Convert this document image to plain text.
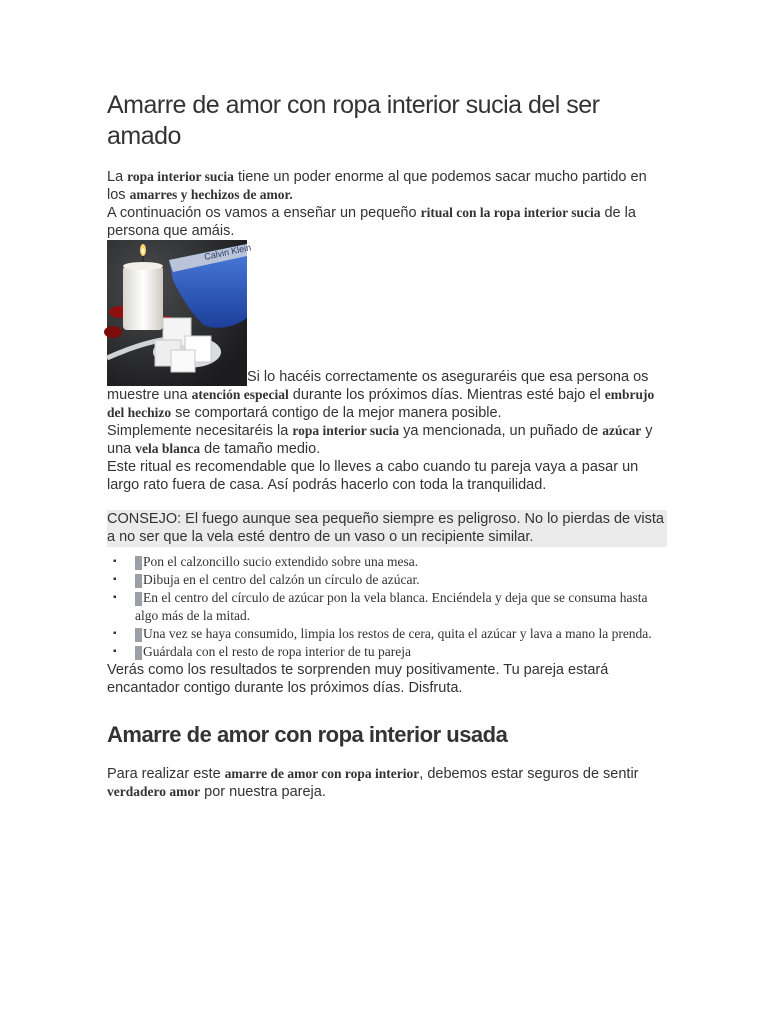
Amarre de amor con ropa interior sucia del ser amado

La ropa interior sucia tiene un poder enorme al que podemos sacar mucho partido en los amarres y hechizos de amor.

A continuación os vamos a enseñar un pequeño ritual con la ropa interior sucia de la persona que amáis.

Calvin Klein
Si lo hacéis correctamente os aseguraréis que esa persona os muestre una atención especial durante los próximos días. Mientras esté bajo el embrujo del hechizo se comportará contigo de la mejor manera posible.

Simplemente necesitaréis la ropa interior sucia ya mencionada, un puñado de azúcar y una vela blanca de tamaño medio.

Este ritual es recomendable que lo lleves a cabo cuando tu pareja vaya a pasar un largo rato fuera de casa. Así podrás hacerlo con toda la tranquilidad.

CONSEJO: El fuego aunque sea pequeño siempre es peligroso. No lo pierdas de vista a no ser que la vela esté dentro de un vaso o un recipiente similar.

▪ 1 Pon el calzoncillo sucio extendido sobre una mesa.
▪ 2 Dibuja en el centro del calzón un círculo de azúcar.
▪ 3 En el centro del círculo de azúcar pon la vela blanca. Enciéndela y deja que se consuma hasta algo más de la mitad.
▪ 4 Una vez se haya consumido, limpia los restos de cera, quita el azúcar y lava a mano la prenda.
▪ 5 Guárdala con el resto de ropa interior de tu pareja

Verás como los resultados te sorprenden muy positivamente. Tu pareja estará encantador contigo durante los próximos días. Disfruta.

Amarre de amor con ropa interior usada

Para realizar este amarre de amor con ropa interior, debemos estar seguros de sentir verdadero amor por nuestra pareja.
